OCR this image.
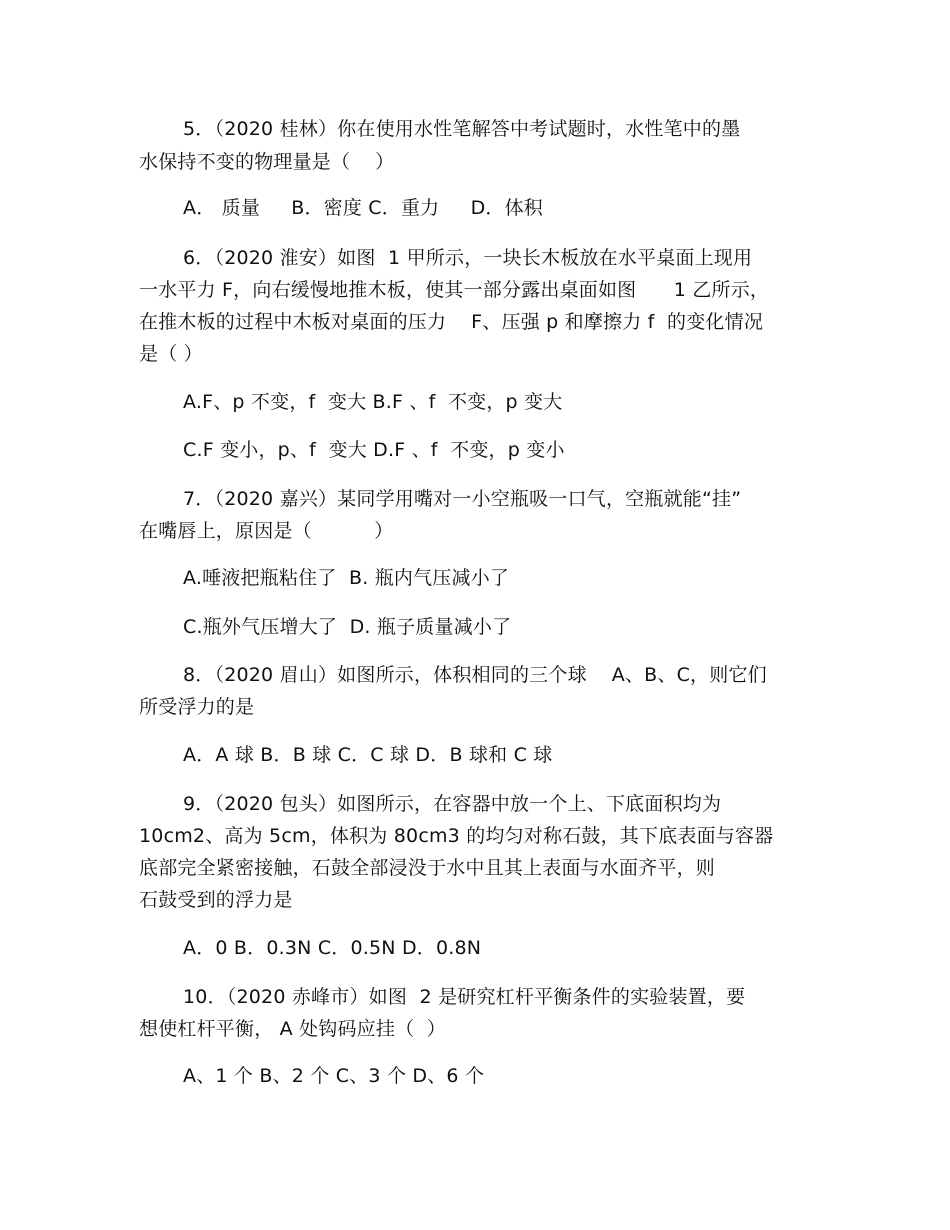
5．（2020 桂林）你在使用水性笔解答中考试题时，水性笔中的墨
水保持不变的物理量是（    ）
A． 质量     B．密度 C．重力     D．体积
6．（2020 淮安）如图  1 甲所示，一块长木板放在水平桌面上现用
一水平力 F，向右缓慢地推木板，使其一部分露出桌面如图      1 乙所示，
在推木板的过程中木板对桌面的压力    F、压强 p 和摩擦力 f  的变化情况
是（ ）
A.F、p 不变，f  变大 B.F 、f  不变，p 变大
C.F 变小，p、f  变大 D.F 、f  不变，p 变小
7．（2020 嘉兴）某同学用嘴对一小空瓶吸一口气，空瓶就能“挂”
在嘴唇上，原因是（          ）
A.唾液把瓶粘住了  B. 瓶内气压减小了
C.瓶外气压增大了  D. 瓶子质量减小了
8．（2020 眉山）如图所示，体积相同的三个球    A、B、C，则它们
所受浮力的是
A．A 球 B．B 球 C．C 球 D．B 球和 C 球
9．（2020 包头）如图所示，在容器中放一个上、下底面积均为
10cm2、高为 5cm，体积为 80cm3 的均匀对称石鼓，其下底表面与容器
底部完全紧密接触，石鼓全部浸没于水中且其上表面与水面齐平，则
石鼓受到的浮力是
A．0 B．0.3N C．0.5N D．0.8N
10．（2020 赤峰市）如图  2 是研究杠杆平衡条件的实验装置，要
想使杠杆平衡， A 处钩码应挂（  ）
A、1 个 B、2 个 C、3 个 D、6 个
